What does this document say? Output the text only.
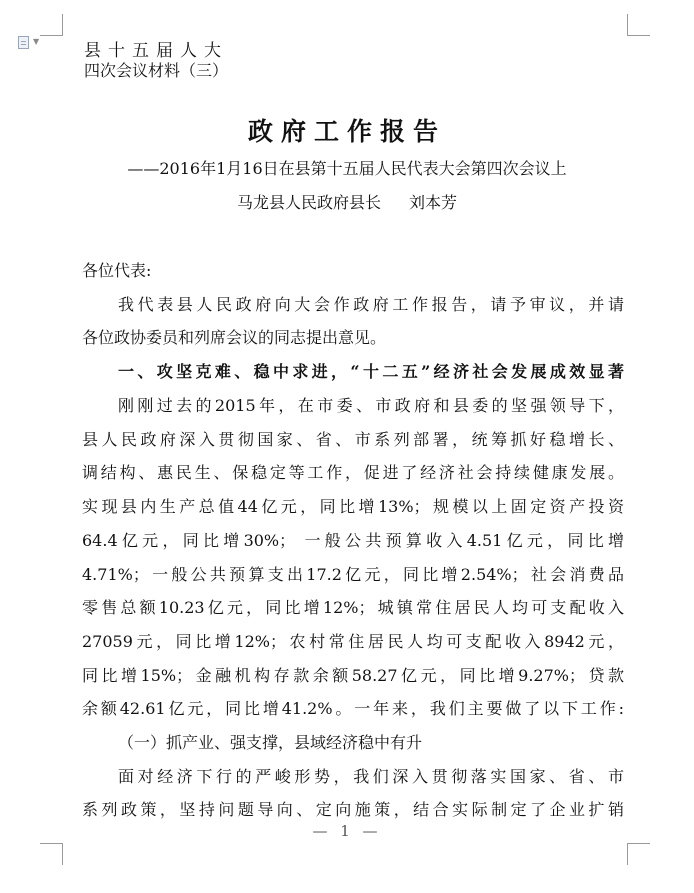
▼	县十五届人大
四次会议材料（三）
政府工作报告
——2016年1月16日在县第十五届人民代表大会第四次会议上
马龙县人民政府县长 刘本芳
各位代表:
我代表县人民政府向大会作政府工作报告，请予审议，并请
各位政协委员和列席会议的同志提出意见。
一、攻坚克难、稳中求进，“十二五”经济社会发展成效显著
刚刚过去的2015年，在市委、市政府和县委的坚强领导下，
县人民政府深入贯彻国家、省、市系列部署，统筹抓好稳增长、
调结构、惠民生、保稳定等工作，促进了经济社会持续健康发展。
实现县内生产总值44亿元，同比增13%；规模以上固定资产投资
64.4亿元，同比增30%； 一般公共预算收入4.51亿元，同比增
4.71%；一般公共预算支出17.2亿元，同比增2.54%；社会消费品
零售总额10.23亿元，同比增12%；城镇常住居民人均可支配收入
27059元，同比增12%；农村常住居民人均可支配收入8942元，
同比增15%；金融机构存款余额58.27亿元，同比增9.27%；贷款
余额42.61亿元，同比增41.2%。一年来，我们主要做了以下工作:
（一）抓产业、强支撑，县域经济稳中有升
面对经济下行的严峻形势，我们深入贯彻落实国家、省、市
系列政策，坚持问题导向、定向施策，结合实际制定了企业扩销
— 1 —
